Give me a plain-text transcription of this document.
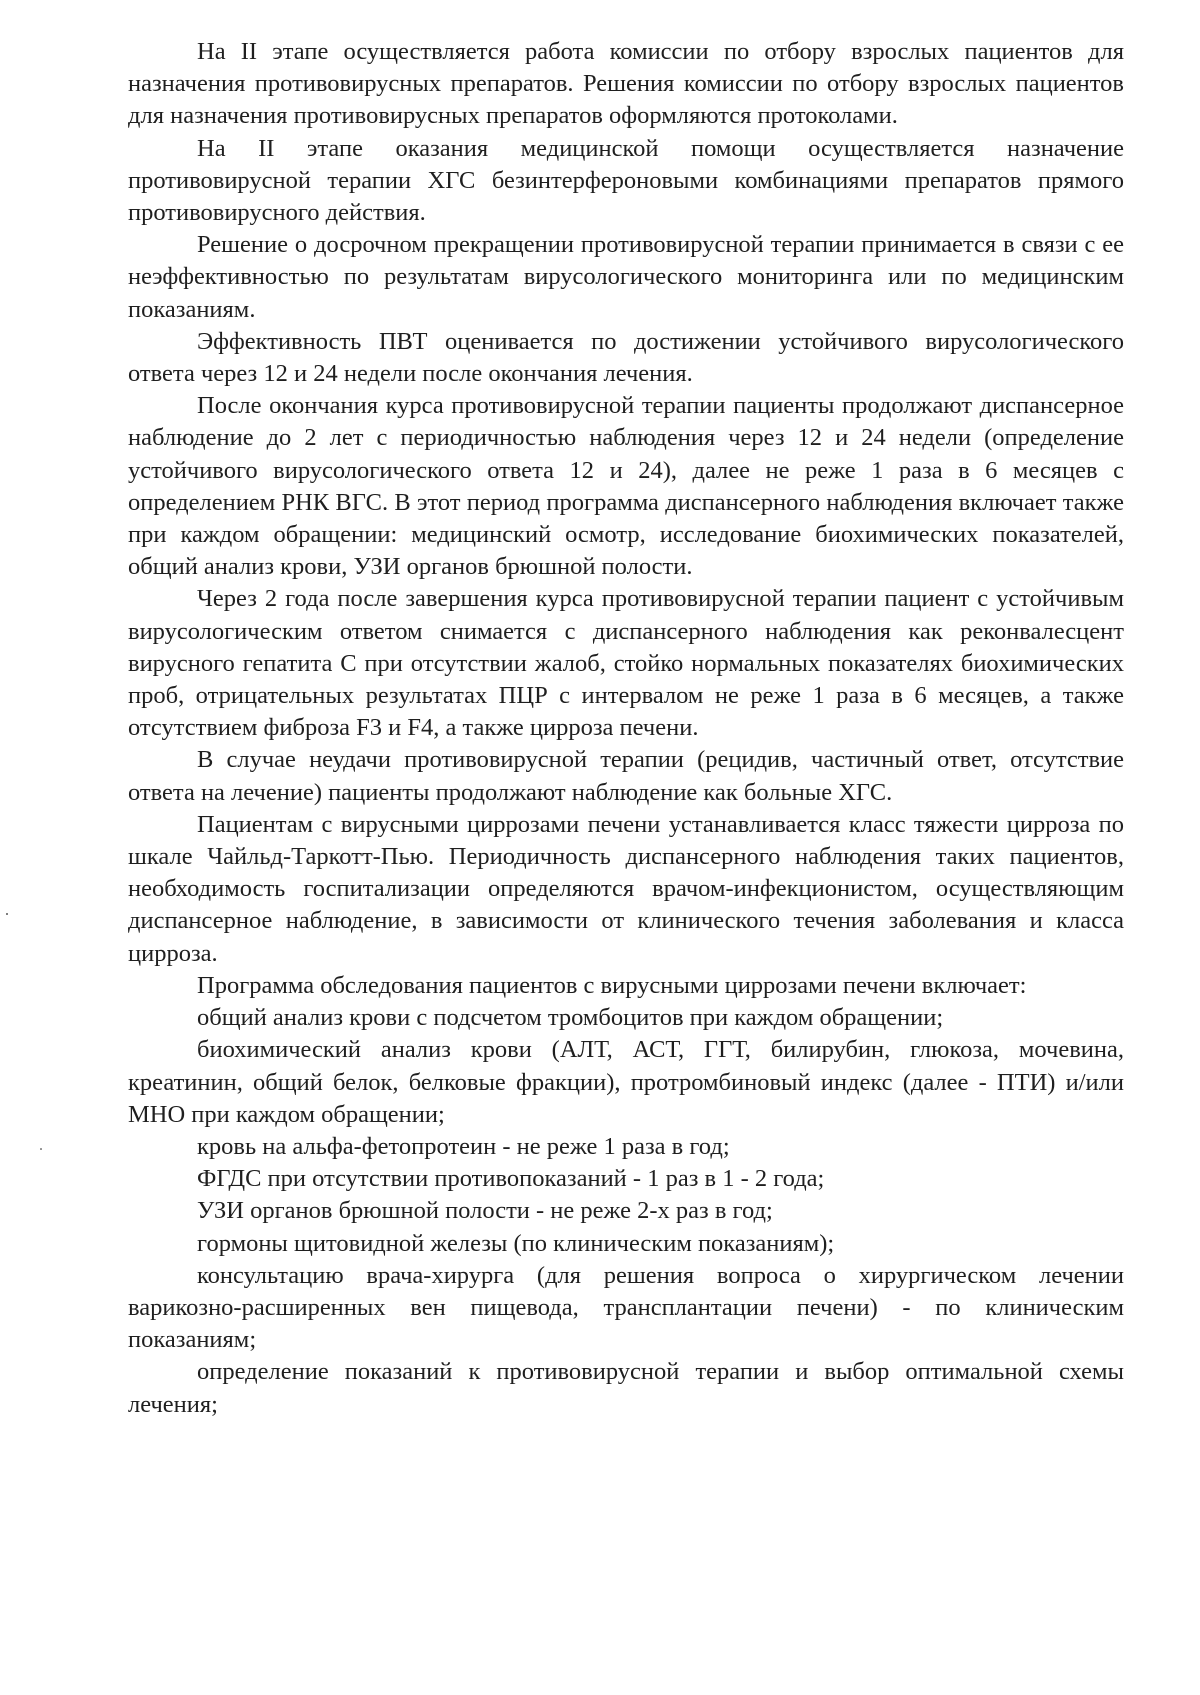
На II этапе осуществляется работа комиссии по отбору взрослых пациентов для назначения противовирусных препаратов. Решения комиссии по отбору взрослых пациентов для назначения противовирусных препаратов оформляются протоколами.

На II этапе оказания медицинской помощи осуществляется назначение противовирусной терапии ХГС безинтерфероновыми комбинациями препаратов прямого противовирусного действия.

Решение о досрочном прекращении противовирусной терапии принимается в связи с ее неэффективностью по результатам вирусологического мониторинга или по медицинским показаниям.

Эффективность ПВТ оценивается по достижении устойчивого вирусологического ответа через 12 и 24 недели после окончания лечения.

После окончания курса противовирусной терапии пациенты продолжают диспансерное наблюдение до 2 лет с периодичностью наблюдения через 12 и 24 недели (определение устойчивого вирусологического ответа 12 и 24), далее не реже 1 раза в 6 месяцев с определением РНК ВГС. В этот период программа диспансерного наблюдения включает также при каждом обращении: медицинский осмотр, исследование биохимических показателей, общий анализ крови, УЗИ органов брюшной полости.

Через 2 года после завершения курса противовирусной терапии пациент с устойчивым вирусологическим ответом снимается с диспансерного наблюдения как реконвалесцент вирусного гепатита С при отсутствии жалоб, стойко нормальных показателях биохимических проб, отрицательных результатах ПЦР с интервалом не реже 1 раза в 6 месяцев, а также отсутствием фиброза F3 и F4, а также цирроза печени.

В случае неудачи противовирусной терапии (рецидив, частичный ответ, отсутствие ответа на лечение) пациенты продолжают наблюдение как больные ХГС.

Пациентам с вирусными циррозами печени устанавливается класс тяжести цирроза по шкале Чайльд-Таркотт-Пью. Периодичность диспансерного наблюдения таких пациентов, необходимость госпитализации определяются врачом-инфекционистом, осуществляющим диспансерное наблюдение, в зависимости от клинического течения заболевания и класса цирроза.

Программа обследования пациентов с вирусными циррозами печени включает:

общий анализ крови с подсчетом тромбоцитов при каждом обращении;

биохимический анализ крови (АЛТ, АСТ, ГГТ, билирубин, глюкоза, мочевина, креатинин, общий белок, белковые фракции), протромбиновый индекс (далее - ПТИ) и/или МНО при каждом обращении;

кровь на альфа-фетопротеин - не реже 1 раза в год;

ФГДС при отсутствии противопоказаний - 1 раз в 1 - 2 года;

УЗИ органов брюшной полости - не реже 2-х раз в год;

гормоны щитовидной железы (по клиническим показаниям);

консультацию врача-хирурга (для решения вопроса о хирургическом лечении варикозно-расширенных вен пищевода, трансплантации печени) - по клиническим показаниям;

определение показаний к противовирусной терапии и выбор оптимальной схемы лечения;
